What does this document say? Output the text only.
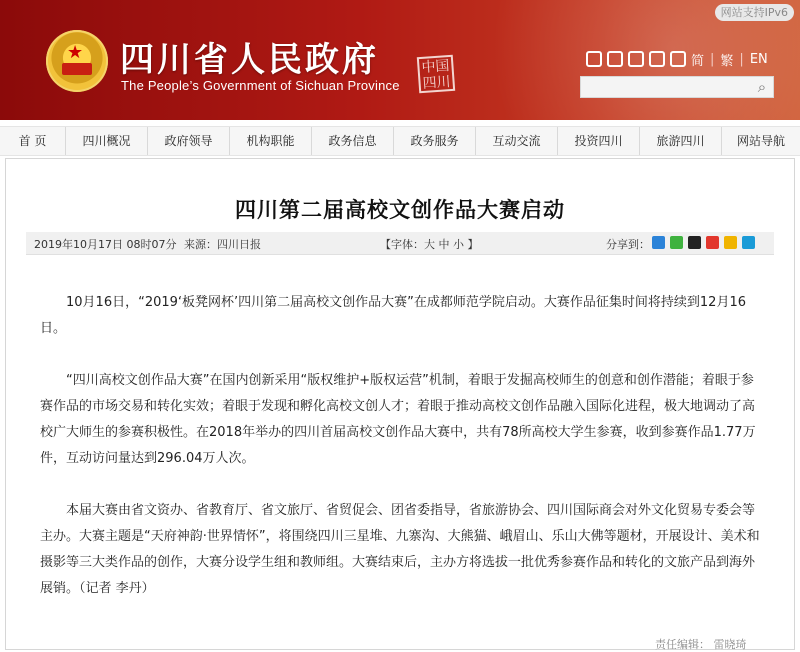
★ 四川省人民政府
The People’s Government of Sichuan Province
中国
四川
网站支持IPv6
简 | 繁 | EN
⌕
首 页	四川概况	政府领导	机构职能	政务信息	政务服务	互动交流	投资四川	旅游四川	网站导航
四川第二届高校文创作品大赛启动
2019年10月17日 08时07分 来源：四川日报	【字体：大 中 小 】	分享到：

10月16日，“2019‘板凳网杯’四川第二届高校文创作品大赛”在成都师范学院启动。大赛作品征集时间将持续到12月16日。

“四川高校文创作品大赛”在国内创新采用“版权维护+版权运营”机制，着眼于发掘高校师生的创意和创作潜能；着眼于参赛作品的市场交易和转化实效；着眼于发现和孵化高校文创人才；着眼于推动高校文创作品融入国际化进程，极大地调动了高校广大师生的参赛积极性。在2018年举办的四川首届高校文创作品大赛中，共有78所高校大学生参赛，收到参赛作品1.77万件，互动访问量达到296.04万人次。

本届大赛由省文资办、省教育厅、省文旅厅、省贸促会、团省委指导，省旅游协会、四川国际商会对外文化贸易专委会等主办。大赛主题是“天府神韵·世界情怀”，将围绕四川三星堆、九寨沟、大熊猫、峨眉山、乐山大佛等题材，开展设计、美术和摄影等三大类作品的创作，大赛分设学生组和教师组。大赛结束后，主办方将选拔一批优秀参赛作品和转化的文旅产品到海外展销。（记者 李丹）

责任编辑： 雷晓琦
